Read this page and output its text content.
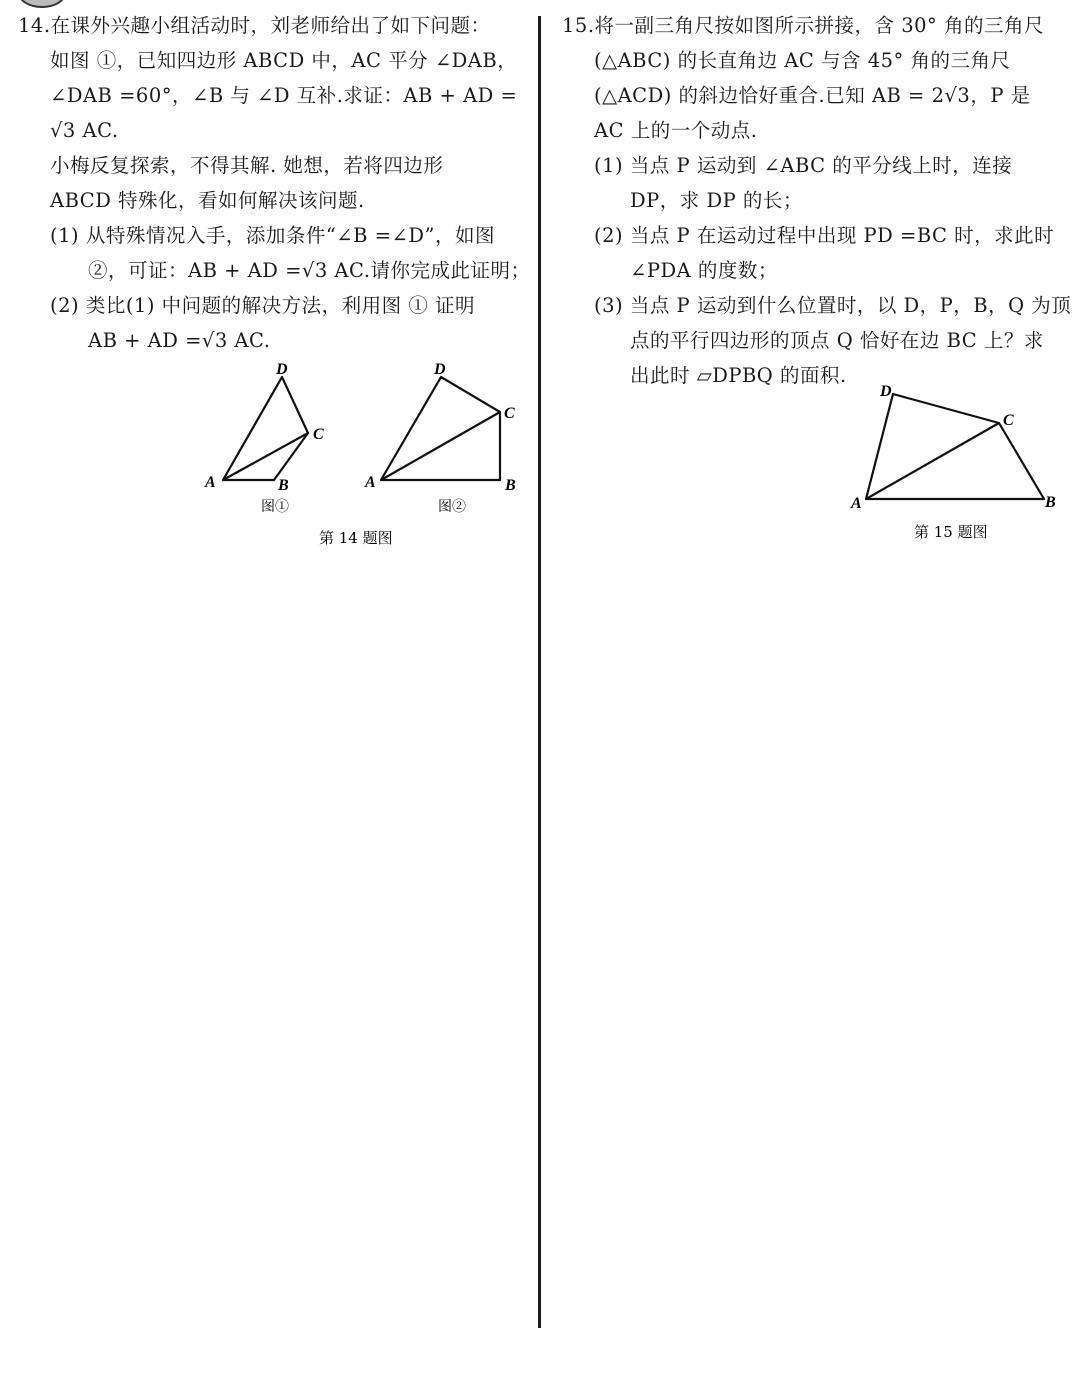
14.在课外兴趣小组活动时，刘老师给出了如下问题：
如图 ①，已知四边形 ABCD 中，AC 平分 ∠DAB，
∠DAB =60°，∠B 与 ∠D 互补.求证：AB + AD =
√3 AC.
小梅反复探索，不得其解. 她想，若将四边形
ABCD 特殊化，看如何解决该问题.
(1) 从特殊情况入手，添加条件“∠B =∠D”，如图
②，可证：AB + AD =√3 AC.请你完成此证明；
(2) 类比(1) 中问题的解决方法，利用图 ① 证明
AB + AD =√3 AC.
15.将一副三角尺按如图所示拼接，含 30° 角的三角尺
(△ABC) 的长直角边 AC 与含 45° 角的三角尺
(△ACD) 的斜边恰好重合.已知 AB = 2√3，P 是
AC 上的一个动点.
(1) 当点 P 运动到 ∠ABC 的平分线上时，连接
DP，求 DP 的长；
(2) 当点 P 在运动过程中出现 PD =BC 时，求此时
∠PDA 的度数；
(3) 当点 P 运动到什么位置时，以 D，P，B，Q 为顶
点的平行四边形的顶点 Q 恰好在边 BC 上？求
出此时 ▱DPBQ 的面积.
D
C
A	B
图①
D
C
A	B
图②
第 14 题图
D
C
A	B
第 15 题图
